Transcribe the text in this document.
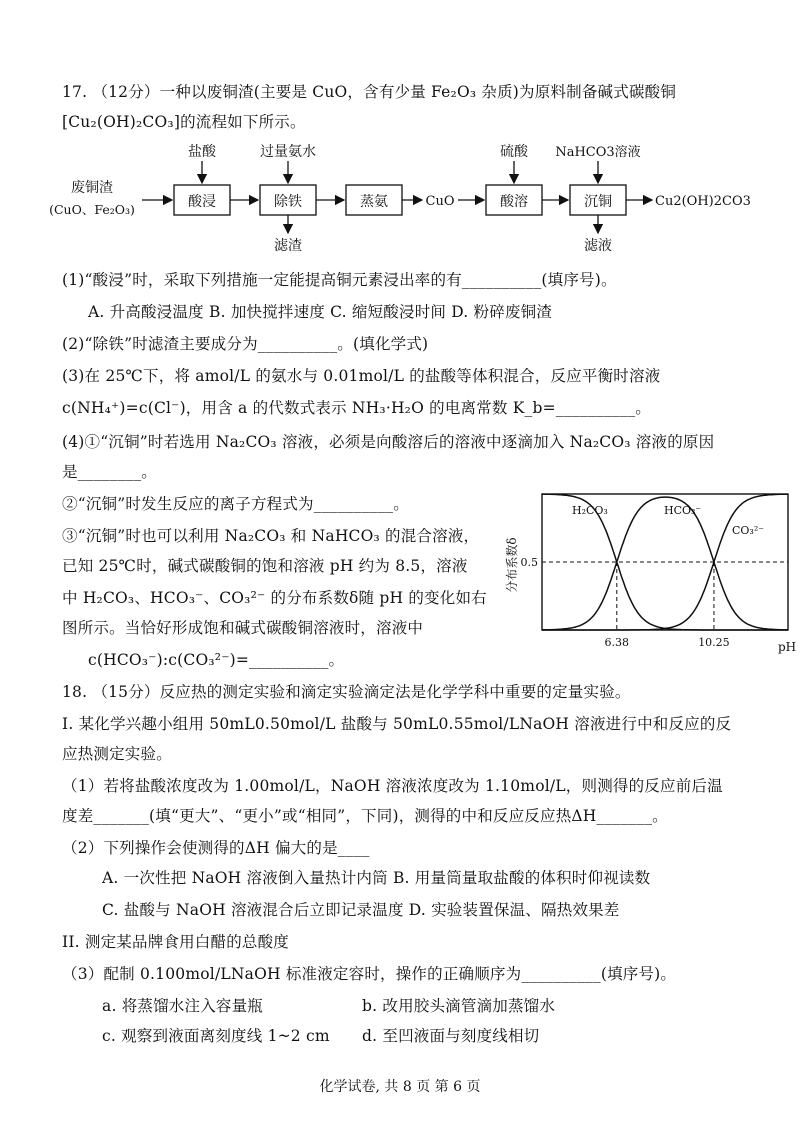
17. （12分）一种以废铜渣(主要是 CuO，含有少量 Fe₂O₃ 杂质)为原料制备碱式碳酸铜
[Cu₂(OH)₂CO₃]的流程如下所示。
废铜渣
(CuO、Fe₂O₃)	酸浸
盐酸
除铁
过量氨水
滤渣
蒸氨	CuO	酸溶
硫酸
沉铜
NaHCO3溶液
滤液
Cu2(OH)2CO3
(1)“酸浸”时，采取下列措施一定能提高铜元素浸出率的有__________(填序号)。
A. 升高酸浸温度 B. 加快搅拌速度 C. 缩短酸浸时间 D. 粉碎废铜渣
(2)“除铁”时滤渣主要成分为__________。(填化学式)
(3)在 25℃下，将 amol/L 的氨水与 0.01mol/L 的盐酸等体积混合，反应平衡时溶液
c(NH₄⁺)=c(Cl⁻)，用含 a 的代数式表示 NH₃·H₂O 的电离常数 K_b=__________。
(4)①“沉铜”时若选用 Na₂CO₃ 溶液，必须是向酸溶后的溶液中逐滴加入 Na₂CO₃ 溶液的原因
是________。
②“沉铜”时发生反应的离子方程式为__________。
③“沉铜”时也可以利用 Na₂CO₃ 和 NaHCO₃ 的混合溶液，
已知 25℃时，碱式碳酸铜的饱和溶液 pH 约为 8.5，溶液
中 H₂CO₃、HCO₃⁻、CO₃²⁻ 的分布系数δ随 pH 的变化如右
图所示。当恰好形成饱和碱式碳酸铜溶液时，溶液中
c(HCO₃⁻):c(CO₃²⁻)=__________。
分布系数δ 0.5
6.38	10.25	pH
H₂CO₃	HCO₃⁻
CO₃²⁻
18. （15分）反应热的测定实验和滴定实验滴定法是化学学科中重要的定量实验。
I. 某化学兴趣小组用 50mL0.50mol/L 盐酸与 50mL0.55mol/LNaOH 溶液进行中和反应的反
应热测定实验。
（1）若将盐酸浓度改为 1.00mol/L，NaOH 溶液浓度改为 1.10mol/L，则测得的反应前后温
度差_______(填“更大”、“更小”或“相同”，下同)，测得的中和反应反应热ΔH_______。
（2）下列操作会使测得的ΔH 偏大的是____
A. 一次性把 NaOH 溶液倒入量热计内筒 B. 用量筒量取盐酸的体积时仰视读数
C. 盐酸与 NaOH 溶液混合后立即记录温度 D. 实验装置保温、隔热效果差
II. 测定某品牌食用白醋的总酸度
（3）配制 0.100mol/LNaOH 标准液定容时，操作的正确顺序为__________(填序号)。
a. 将蒸馏水注入容量瓶	b. 改用胶头滴管滴加蒸馏水
c. 观察到液面离刻度线 1~2 cm d. 至凹液面与刻度线相切
化学试卷, 共 8 页 第 6 页
